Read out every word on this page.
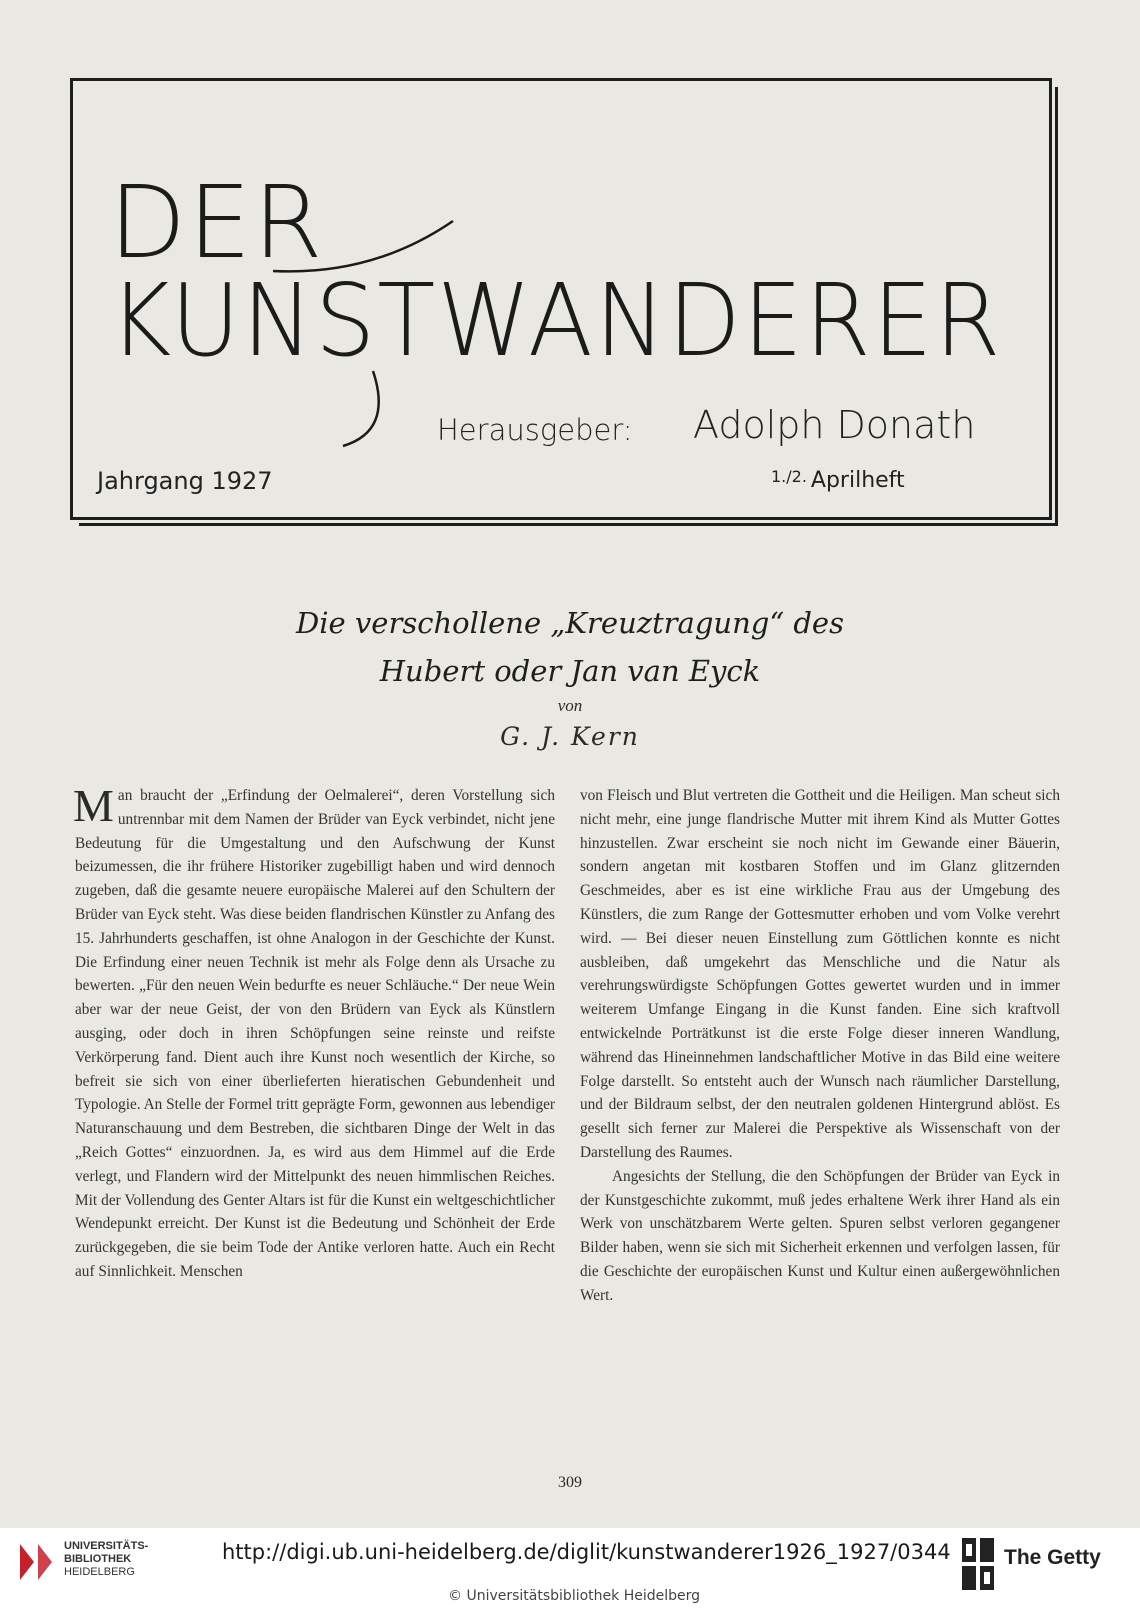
DER
KUNSTWANDERER
Herausgeber: Adolph Donath
Jahrgang 1927	$^{1./2.}$ Aprilheft
Die verschollene „Kreuztragung“ des
Hubert oder Jan van Eyck
von
G. J. Kern

Man braucht der „Erfindung der Oelmalerei“, deren Vorstellung sich untrennbar mit dem Namen der Brüder van Eyck verbindet, nicht jene Bedeutung für die Umgestaltung und den Aufschwung der Kunst beizumessen, die ihr frühere Historiker zugebilligt haben und wird dennoch zugeben, daß die gesamte neuere europäische Malerei auf den Schultern der Brüder van Eyck steht. Was diese beiden flandrischen Künstler zu Anfang des 15. Jahrhunderts geschaffen, ist ohne Analogon in der Geschichte der Kunst. Die Erfindung einer neuen Technik ist mehr als Folge denn als Ursache zu bewerten. „Für den neuen Wein bedurfte es neuer Schläuche.“ Der neue Wein aber war der neue Geist, der von den Brüdern van Eyck als Künstlern ausging, oder doch in ihren Schöpfungen seine reinste und reifste Verkörperung fand. Dient auch ihre Kunst noch wesentlich der Kirche, so befreit sie sich von einer überlieferten hieratischen Gebundenheit und Typologie. An Stelle der Formel tritt geprägte Form, gewonnen aus lebendiger Naturanschauung und dem Bestreben, die sichtbaren Dinge der Welt in das „Reich Gottes“ einzuordnen. Ja, es wird aus dem Himmel auf die Erde verlegt, und Flandern wird der Mittelpunkt des neuen himmlischen Reiches. Mit der Vollendung des Genter Altars ist für die Kunst ein weltgeschichtlicher Wendepunkt erreicht. Der Kunst ist die Bedeutung und Schönheit der Erde zurückgegeben, die sie beim Tode der Antike verloren hatte. Auch ein Recht auf Sinnlichkeit. Menschen

von Fleisch und Blut vertreten die Gottheit und die Heiligen. Man scheut sich nicht mehr, eine junge flandrische Mutter mit ihrem Kind als Mutter Gottes hinzustellen. Zwar erscheint sie noch nicht im Gewande einer Bäuerin, sondern angetan mit kostbaren Stoffen und im Glanz glitzernden Geschmeides, aber es ist eine wirkliche Frau aus der Umgebung des Künstlers, die zum Range der Gottesmutter erhoben und vom Volke verehrt wird. — Bei dieser neuen Einstellung zum Göttlichen konnte es nicht ausbleiben, daß umgekehrt das Menschliche und die Natur als verehrungswürdigste Schöpfungen Gottes gewertet wurden und in immer weiterem Umfange Eingang in die Kunst fanden. Eine sich kraftvoll entwickelnde Porträtkunst ist die erste Folge dieser inneren Wandlung, während das Hineinnehmen landschaftlicher Motive in das Bild eine weitere Folge darstellt. So entsteht auch der Wunsch nach räumlicher Darstellung, und der Bildraum selbst, der den neutralen goldenen Hintergrund ablöst. Es gesellt sich ferner zur Malerei die Perspektive als Wissenschaft von der Darstellung des Raumes.

Angesichts der Stellung, die den Schöpfungen der Brüder van Eyck in der Kunstgeschichte zukommt, muß jedes erhaltene Werk ihrer Hand als ein Werk von unschätzbarem Werte gelten. Spuren selbst verloren gegangener Bilder haben, wenn sie sich mit Sicherheit erkennen und verfolgen lassen, für die Geschichte der europäischen Kunst und Kultur einen außergewöhnlichen Wert.

309
UNIVERSITÄTS-
BIBLIOTHEK
HEIDELBERG
http://digi.ub.uni-heidelberg.de/diglit/kunstwanderer1926_1927/0344
© Universitätsbibliothek Heidelberg
The Getty
